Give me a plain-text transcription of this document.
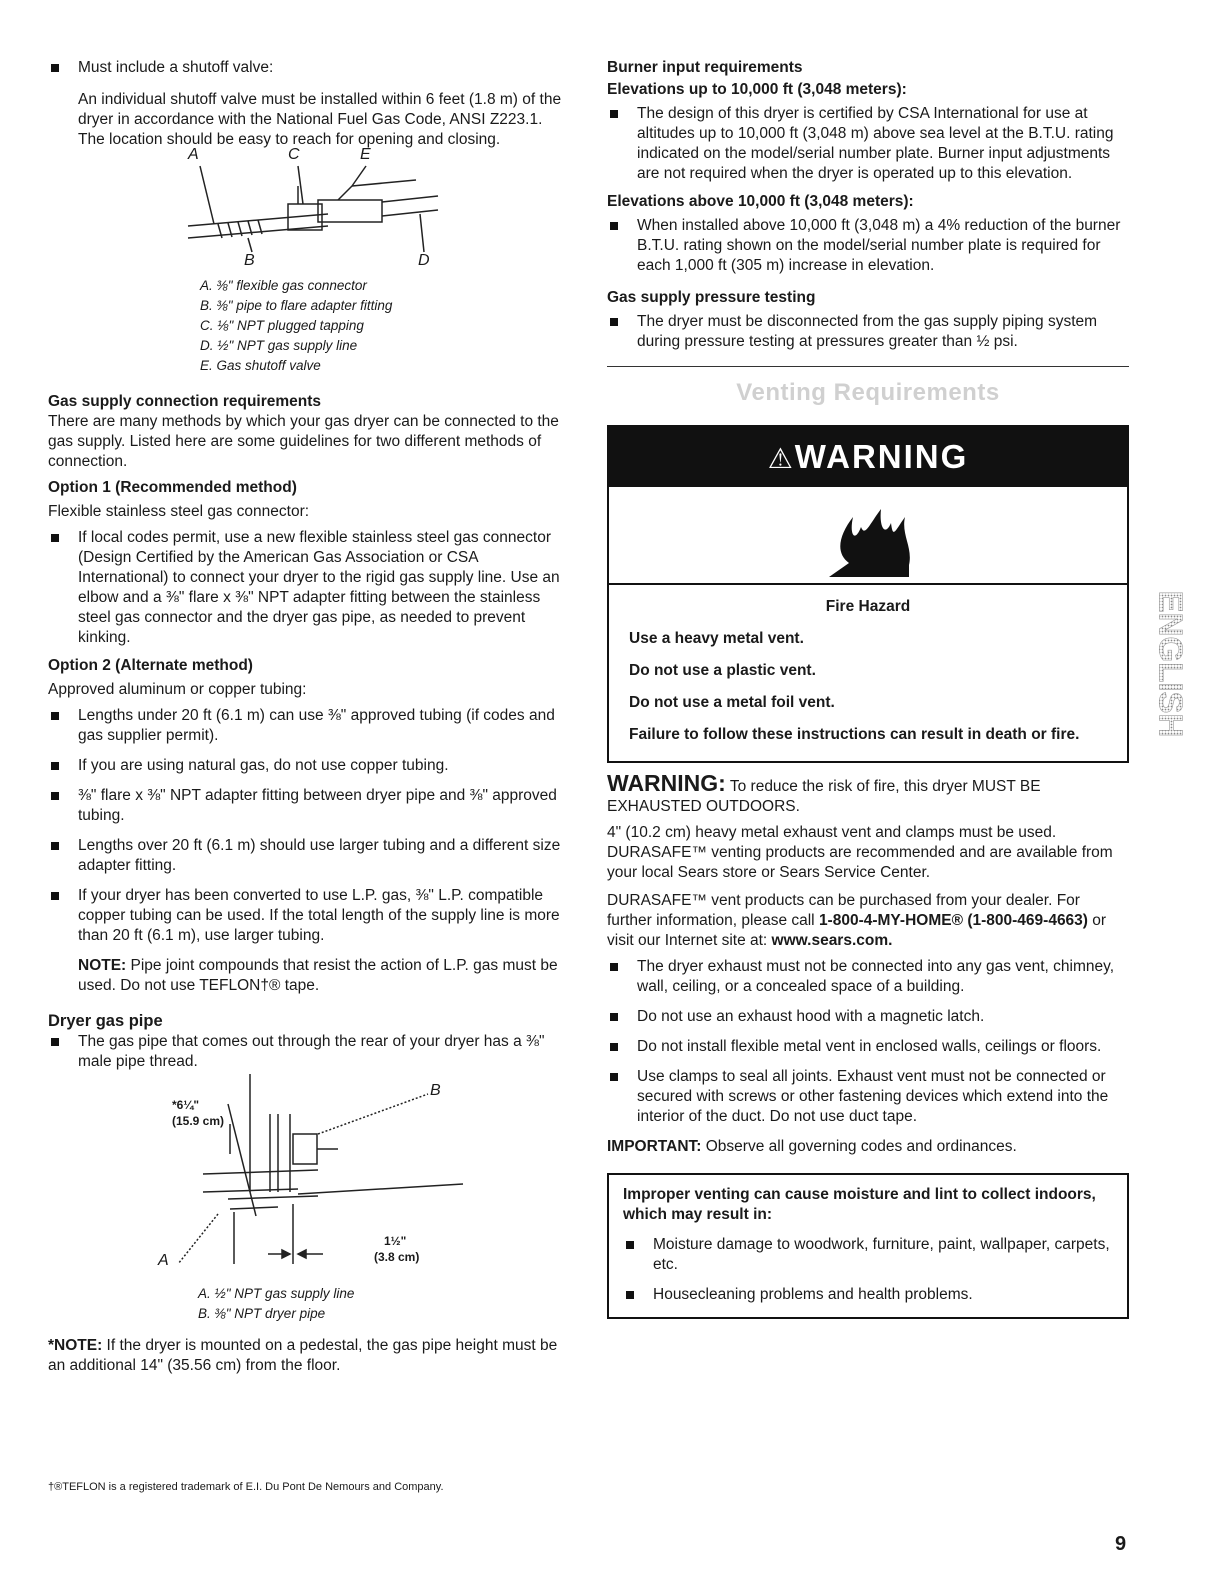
Must include a shutoff valve:

An individual shutoff valve must be installed within 6 feet (1.8 m) of the dryer in accordance with the National Fuel Gas Code, ANSI Z223.1. The location should be easy to reach for opening and closing.

A	C	E
B	D

A. ⅜" flexible gas connector

B. ⅜" pipe to flare adapter fitting

C. ⅛" NPT plugged tapping

D. ½" NPT gas supply line

E. Gas shutoff valve

Gas supply connection requirements

There are many methods by which your gas dryer can be connected to the gas supply. Listed here are some guidelines for two different methods of connection.

Option 1 (Recommended method)

Flexible stainless steel gas connector:

If local codes permit, use a new flexible stainless steel gas connector (Design Certified by the American Gas Association or CSA International) to connect your dryer to the rigid gas supply line. Use an elbow and a ⅜" flare x ⅜" NPT adapter fitting between the stainless steel gas connector and the dryer gas pipe, as needed to prevent kinking.

Option 2 (Alternate method)

Approved aluminum or copper tubing:

Lengths under 20 ft (6.1 m) can use ⅜" approved tubing (if codes and gas supplier permit).

If you are using natural gas, do not use copper tubing.

⅜" flare x ⅜" NPT adapter fitting between dryer pipe and ⅜" approved tubing.

Lengths over 20 ft (6.1 m) should use larger tubing and a different size adapter fitting.

If your dryer has been converted to use L.P. gas, ⅜" L.P. compatible copper tubing can be used. If the total length of the supply line is more than 20 ft (6.1 m), use larger tubing.

NOTE: Pipe joint compounds that resist the action of L.P. gas must be used. Do not use TEFLON†® tape.

Dryer gas pipe

The gas pipe that comes out through the rear of your dryer has a ⅜" male pipe thread.

*6¼"
(15.9 cm)
1½"
(3.8 cm)
A
B

A. ½" NPT gas supply line

B. ⅜" NPT dryer pipe

*NOTE: If the dryer is mounted on a pedestal, the gas pipe height must be an additional 14" (35.56 cm) from the floor.

Burner input requirements

Elevations up to 10,000 ft (3,048 meters):

The design of this dryer is certified by CSA International for use at altitudes up to 10,000 ft (3,048 m) above sea level at the B.T.U. rating indicated on the model/serial number plate. Burner input adjustments are not required when the dryer is operated up to this elevation.

Elevations above 10,000 ft (3,048 meters):

When installed above 10,000 ft (3,048 m) a 4% reduction of the burner B.T.U. rating shown on the model/serial number plate is required for each 1,000 ft (305 m) increase in elevation.

Gas supply pressure testing

The dryer must be disconnected from the gas supply piping system during pressure testing at pressures greater than ½ psi.

Venting Requirements
⚠WARNING

Fire Hazard

Use a heavy metal vent.

Do not use a plastic vent.

Do not use a metal foil vent.

Failure to follow these instructions can result in death or fire.

WARNING: To reduce the risk of fire, this dryer MUST BE EXHAUSTED OUTDOORS.

4" (10.2 cm) heavy metal exhaust vent and clamps must be used. DURASAFE™ venting products are recommended and are available from your local Sears store or Sears Service Center.

DURASAFE™ vent products can be purchased from your dealer. For further information, please call 1-800-4-MY-HOME® (1-800-469-4663) or visit our Internet site at: www.sears.com.

The dryer exhaust must not be connected into any gas vent, chimney, wall, ceiling, or a concealed space of a building.

Do not use an exhaust hood with a magnetic latch.

Do not install flexible metal vent in enclosed walls, ceilings or floors.

Use clamps to seal all joints. Exhaust vent must not be connected or secured with screws or other fastening devices which extend into the interior of the duct. Do not use duct tape.

IMPORTANT: Observe all governing codes and ordinances.

Improper venting can cause moisture and lint to collect indoors, which may result in:

Moisture damage to woodwork, furniture, paint, wallpaper, carpets, etc.

Housecleaning problems and health problems.

ENGLISH

†®TEFLON is a registered trademark of E.I. Du Pont De Nemours and Company.

9
